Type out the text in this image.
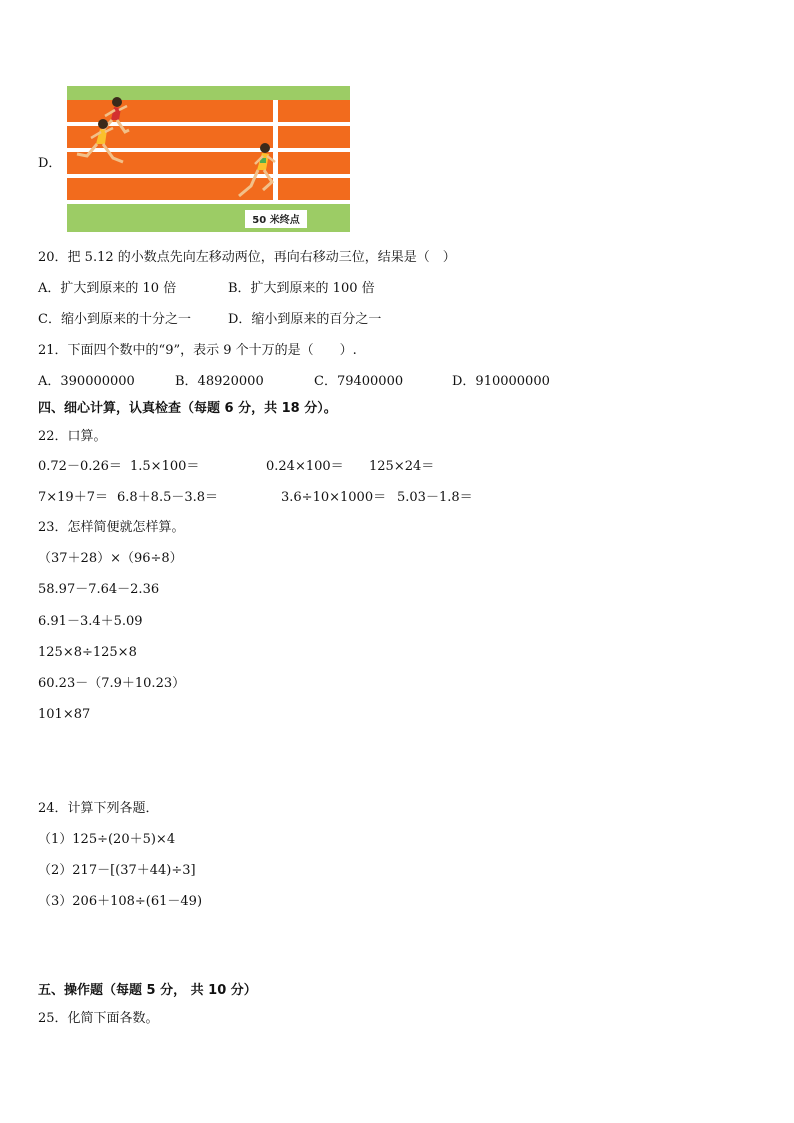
D．
50 米终点
20．把 5.12 的小数点先向左移动两位，再向右移动三位，结果是（　）
A．扩大到原来的 10 倍	B．扩大到原来的 100 倍
C．缩小到原来的十分之一	D．缩小到原来的百分之一
21．下面四个数中的“9”，表示 9 个十万的是（　　）.
A．390000000	B．48920000	C．79400000	D．910000000
四、细心计算，认真检查（每题 6 分，共 18 分）。
22．口算。
0.72－0.26＝ 1.5×100＝	0.24×100＝ 125×24＝
7×19＋7＝ 6.8＋8.5－3.8＝	3.6÷10×1000＝ 5.03－1.8＝
23．怎样简便就怎样算。
（37＋28）×（96÷8）
58.97－7.64－2.36
6.91－3.4＋5.09
125×8÷125×8
60.23－（7.9＋10.23）
101×87
24．计算下列各题．
（1）125÷(20＋5)×4
（2）217－[(37＋44)÷3]
（3）206＋108÷(61－49)
五、操作题（每题 5 分， 共 10 分）
25．化简下面各数。
